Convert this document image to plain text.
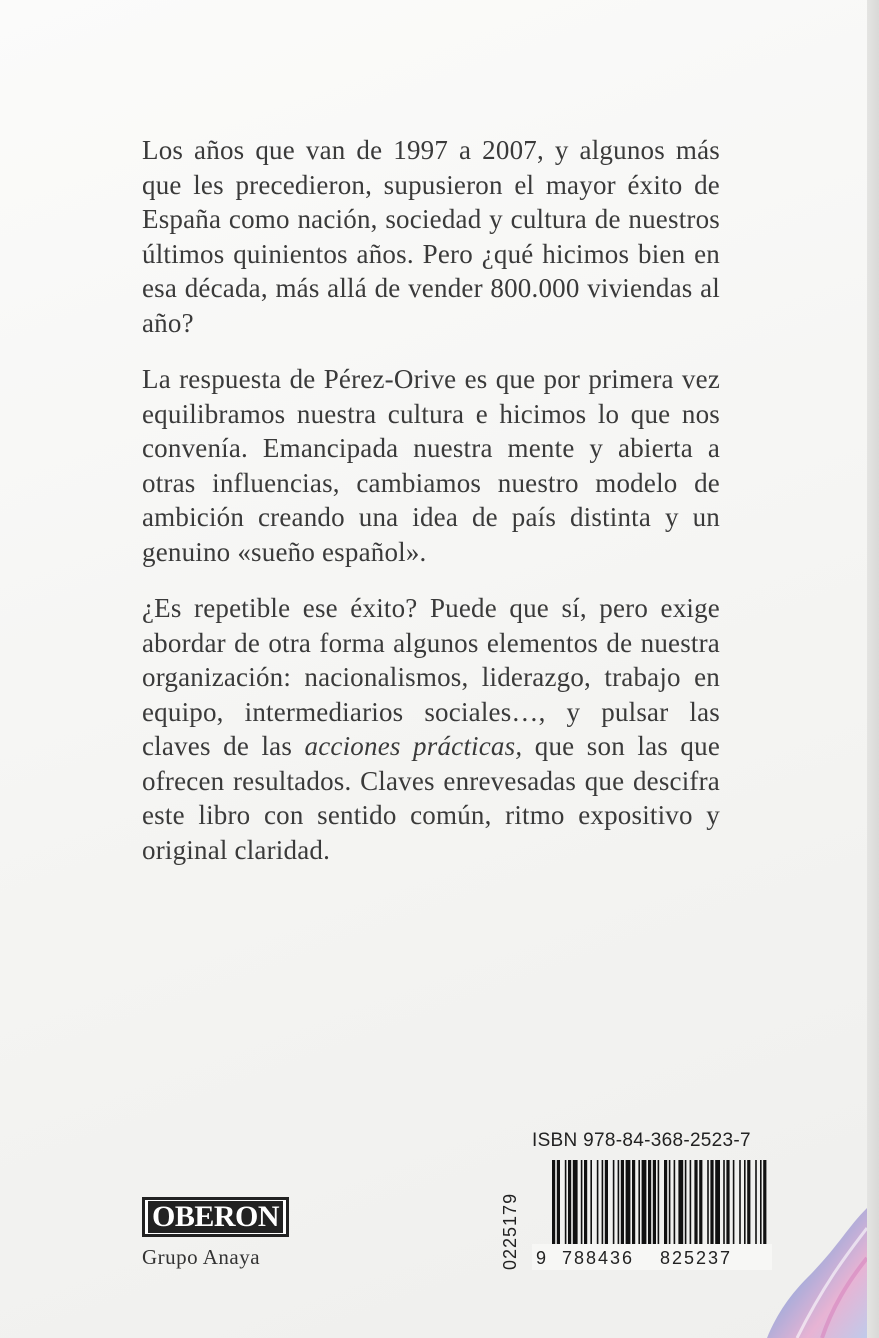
Los años que van de 1997 a 2007, y algunos más que les precedieron, supusieron el mayor éxito de España como nación, sociedad y cultura de nuestros últimos quinientos años. Pero ¿qué hicimos bien en esa década, más allá de vender 800.000 viviendas al año?

La respuesta de Pérez-Orive es que por primera vez equilibramos nuestra cultura e hicimos lo que nos convenía. Emancipada nuestra mente y abierta a otras influencias, cambiamos nuestro modelo de ambición creando una idea de país distinta y un genuino «sueño español».

¿Es repetible ese éxito? Puede que sí, pero exige abordar de otra forma algunos elementos de nuestra organización: nacionalismos, liderazgo, trabajo en equipo, intermediarios sociales…, y pulsar las claves de las acciones prácticas, que son las que ofrecen resultados. Claves enrevesadas que descifra este libro con sentido común, ritmo expositivo y original claridad.

OBERON
Grupo Anaya
ISBN 978-84-368-2523-7
0225179 9 788436 825237
